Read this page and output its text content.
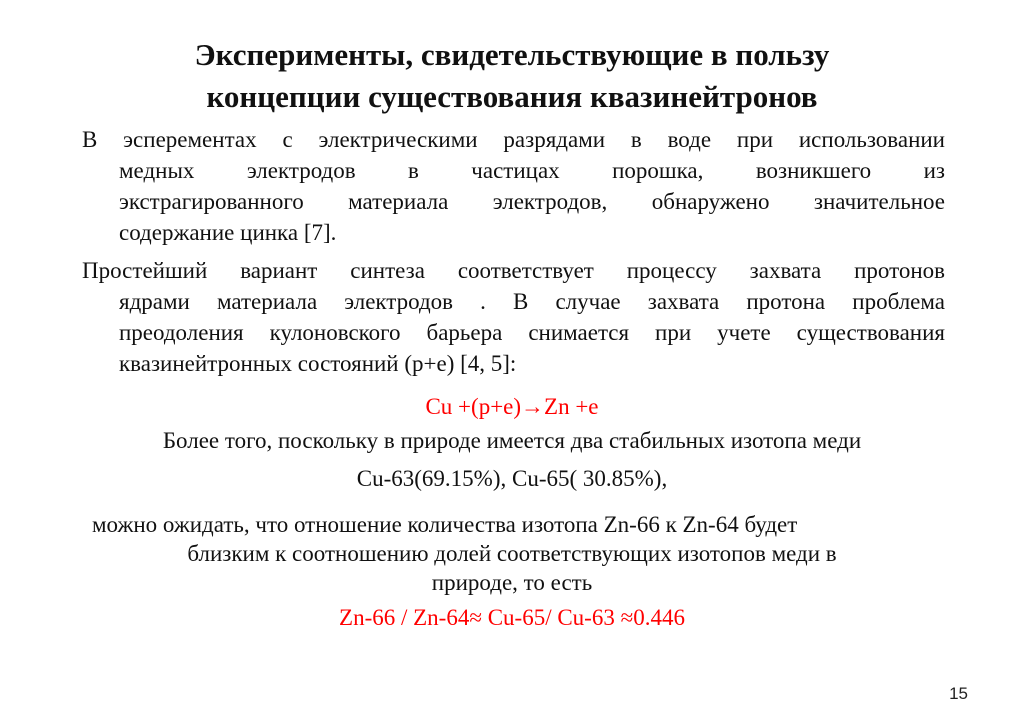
Эксперименты, свидетельствующие в пользу
концепции существования квазинейтронов
В эсперементах с электрическими разрядами в воде при использовании
медных электродов в частицах порошка, возникшего из
экстрагированного материала электродов, обнаружено значительное
содержание цинка [7].
Простейший вариант синтеза соответствует процессу захвата протонов
ядрами материала электродов . В случае захвата протона проблема
преодоления кулоновского барьера снимается при учете существования
квазинейтронных состояний (p+e) [4, 5]:
Cu +(p+e)→Zn +e
Более того, поскольку в природе имеется два стабильных изотопа меди
Cu-63(69.15%), Cu-65( 30.85%),
можно ожидать, что отношение количества изотопа Zn-66 к Zn-64 будет
близким к соотношению долей соответствующих изотопов меди в
природе, то есть
Zn-66 / Zn-64≈ Cu-65/ Cu-63 ≈0.446
15
